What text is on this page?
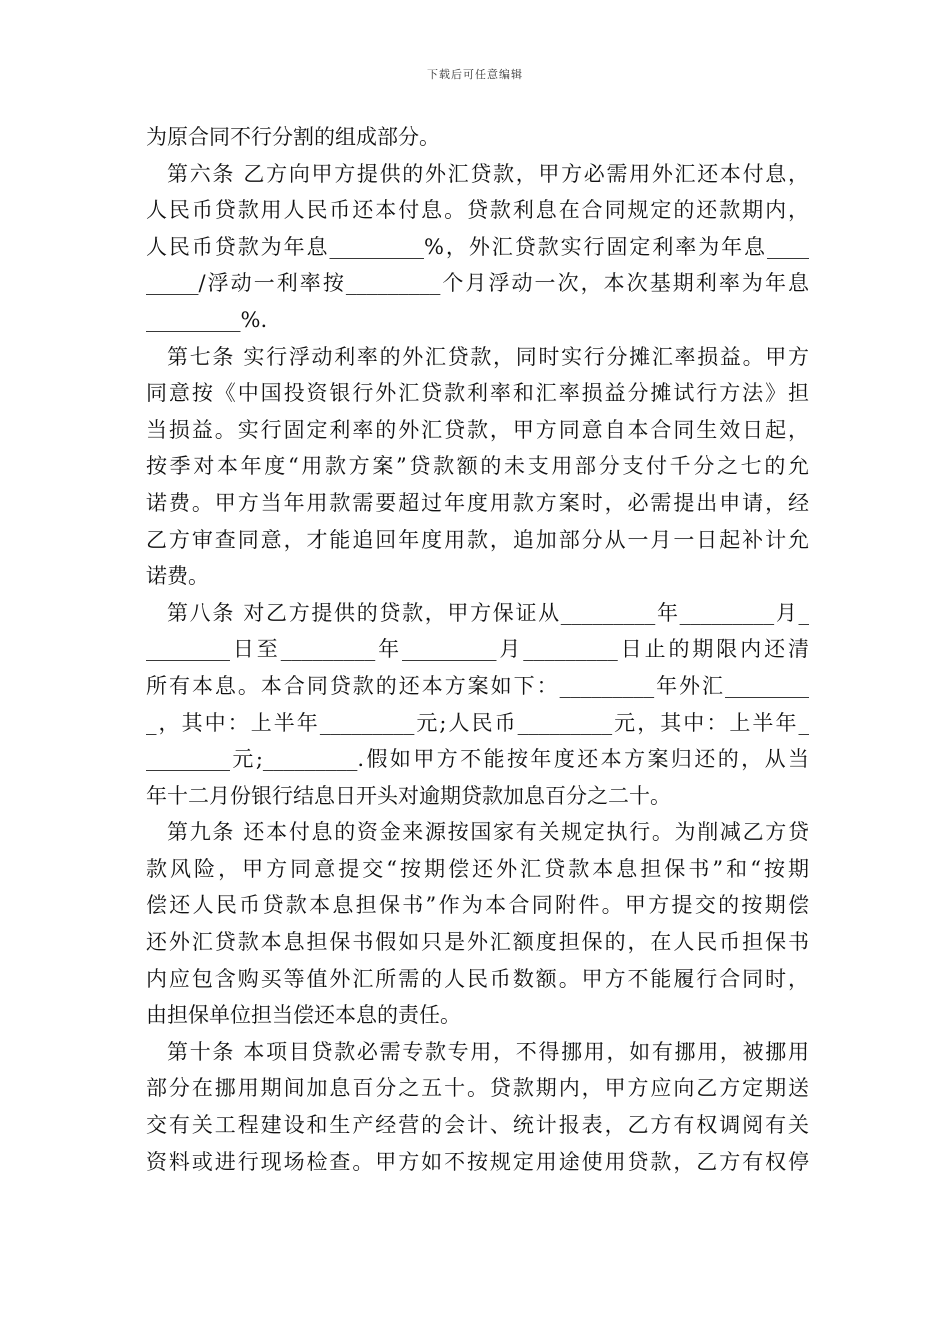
下载后可任意编辑
为原合同不行分割的组成部分。
第六条 乙方向甲方提供的外汇贷款，甲方必需用外汇还本付息，
人民币贷款用人民币还本付息。贷款利息在合同规定的还款期内，
人民币贷款为年息_________%，外汇贷款实行固定利率为年息____
_____/浮动一利率按_________个月浮动一次，本次基期利率为年息
_________%.
第七条 实行浮动利率的外汇贷款，同时实行分摊汇率损益。甲方
同意按《中国投资银行外汇贷款利率和汇率损益分摊试行方法》担
当损益。实行固定利率的外汇贷款，甲方同意自本合同生效日起，
按季对本年度“用款方案”贷款额的未支用部分支付千分之七的允
诺费。甲方当年用款需要超过年度用款方案时，必需提出申请，经
乙方审查同意，才能追回年度用款，追加部分从一月一日起补计允
诺费。
第八条 对乙方提供的贷款，甲方保证从_________年_________月_
________日至_________年_________月_________日止的期限内还清
所有本息。本合同贷款的还本方案如下：_________年外汇________
_，其中：上半年_________元;人民币_________元，其中：上半年_
________元;_________.假如甲方不能按年度还本方案归还的，从当
年十二月份银行结息日开头对逾期贷款加息百分之二十。
第九条 还本付息的资金来源按国家有关规定执行。为削减乙方贷
款风险，甲方同意提交“按期偿还外汇贷款本息担保书”和“按期
偿还人民币贷款本息担保书”作为本合同附件。甲方提交的按期偿
还外汇贷款本息担保书假如只是外汇额度担保的，在人民币担保书
内应包含购买等值外汇所需的人民币数额。甲方不能履行合同时，
由担保单位担当偿还本息的责任。
第十条 本项目贷款必需专款专用，不得挪用，如有挪用，被挪用
部分在挪用期间加息百分之五十。贷款期内，甲方应向乙方定期送
交有关工程建设和生产经营的会计、统计报表，乙方有权调阅有关
资料或进行现场检查。甲方如不按规定用途使用贷款，乙方有权停
